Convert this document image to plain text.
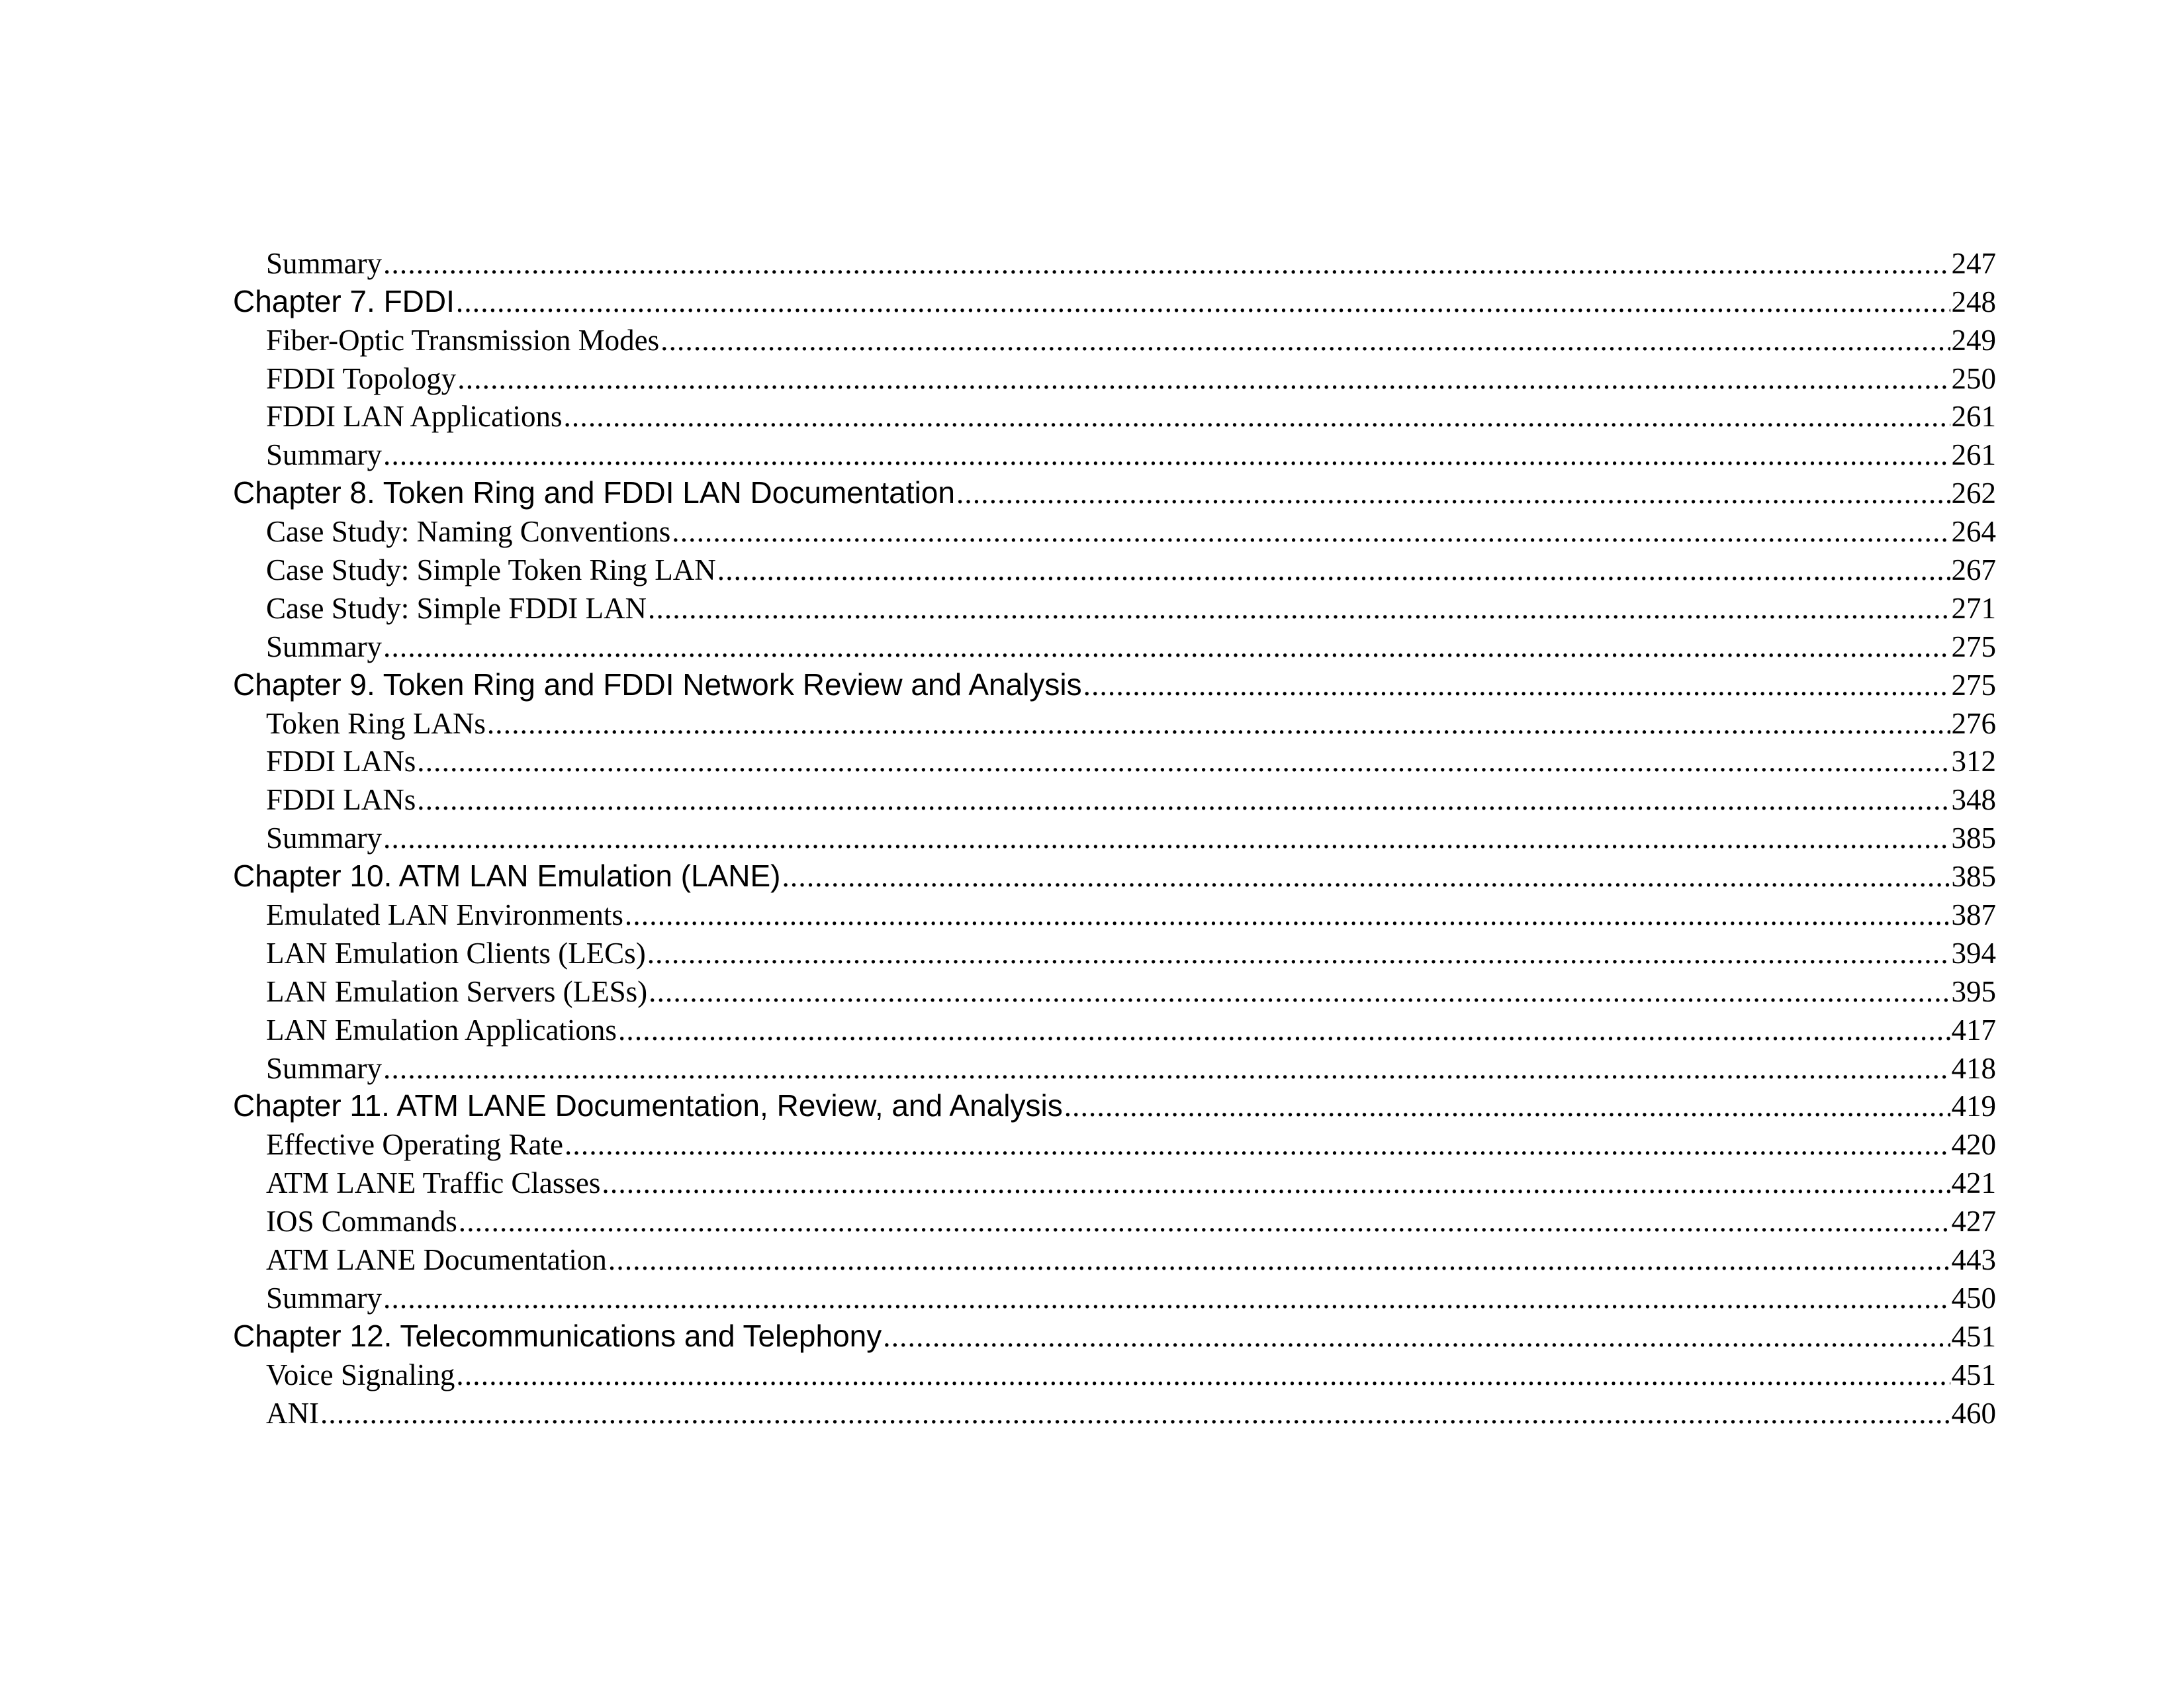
Summary .....	247
Chapter 7. FDDI .....	248
Fiber-Optic Transmission Modes .....	249
FDDI Topology .....	250
FDDI LAN Applications .....	261
Summary .....	261
Chapter 8. Token Ring and FDDI LAN Documentation .....	262
Case Study: Naming Conventions .....	264
Case Study: Simple Token Ring LAN .....	267
Case Study: Simple FDDI LAN .....	271
Summary .....	275
Chapter 9. Token Ring and FDDI Network Review and Analysis .....	275
Token Ring LANs .....	276
FDDI LANs .....	312
FDDI LANs .....	348
Summary .....	385
Chapter 10. ATM LAN Emulation (LANE) .....	385
Emulated LAN Environments .....	387
LAN Emulation Clients (LECs) .....	394
LAN Emulation Servers (LESs) .....	395
LAN Emulation Applications .....	417
Summary .....	418
Chapter 11. ATM LANE Documentation, Review, and Analysis .....	419
Effective Operating Rate .....	420
ATM LANE Traffic Classes .....	421
IOS Commands .....	427
ATM LANE Documentation .....	443
Summary .....	450
Chapter 12. Telecommunications and Telephony .....	451
Voice Signaling .....	451
ANI .....	460
